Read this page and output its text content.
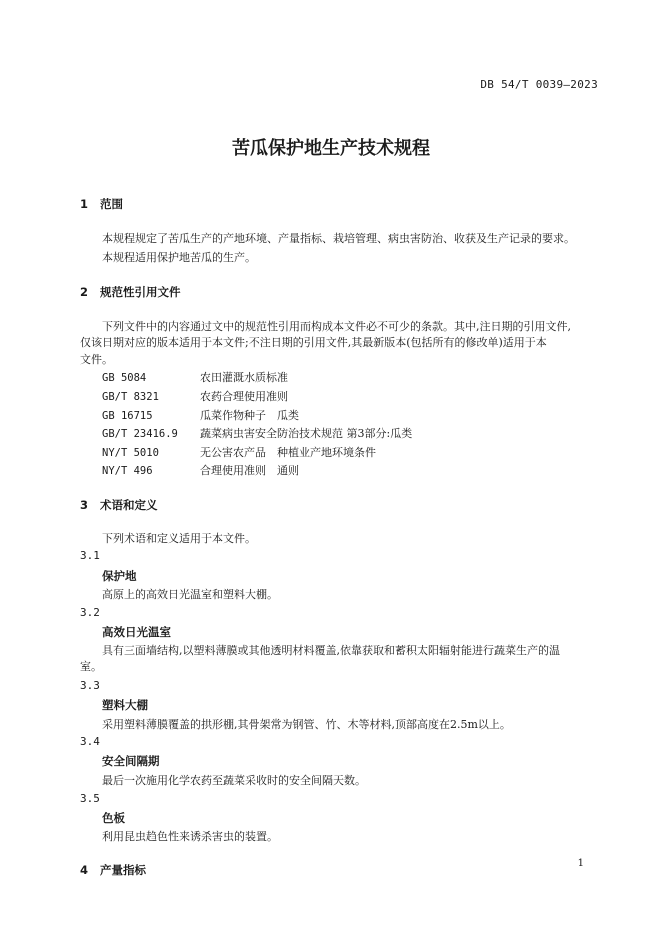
DB 54/T 0039—2023
苦瓜保护地生产技术规程
1 范围
本规程规定了苦瓜生产的产地环境、产量指标、栽培管理、病虫害防治、收获及生产记录的要求。
本规程适用保护地苦瓜的生产。
2 规范性引用文件
下列文件中的内容通过文中的规范性引用而构成本文件必不可少的条款。其中,注日期的引用文件,
仅该日期对应的版本适用于本文件;不注日期的引用文件,其最新版本(包括所有的修改单)适用于本
文件。
GB 5084	农田灌溉水质标准
GB/T 8321	农药合理使用准则
GB 16715	瓜菜作物种子　瓜类
GB/T 23416.9 蔬菜病虫害安全防治技术规范 第3部分:瓜类
NY/T 5010	无公害农产品　种植业产地环境条件
NY/T 496	合理使用准则　通则
3 术语和定义
下列术语和定义适用于本文件。
3.1
保护地
高原上的高效日光温室和塑料大棚。
3.2
高效日光温室
具有三面墙结构,以塑料薄膜或其他透明材料覆盖,依靠获取和蓄积太阳辐射能进行蔬菜生产的温
室。
3.3
塑料大棚
采用塑料薄膜覆盖的拱形棚,其骨架常为钢管、竹、木等材料,顶部高度在2.5m以上。
3.4
安全间隔期
最后一次施用化学农药至蔬菜采收时的安全间隔天数。
3.5
色板
利用昆虫趋色性来诱杀害虫的装置。
4 产量指标	1
